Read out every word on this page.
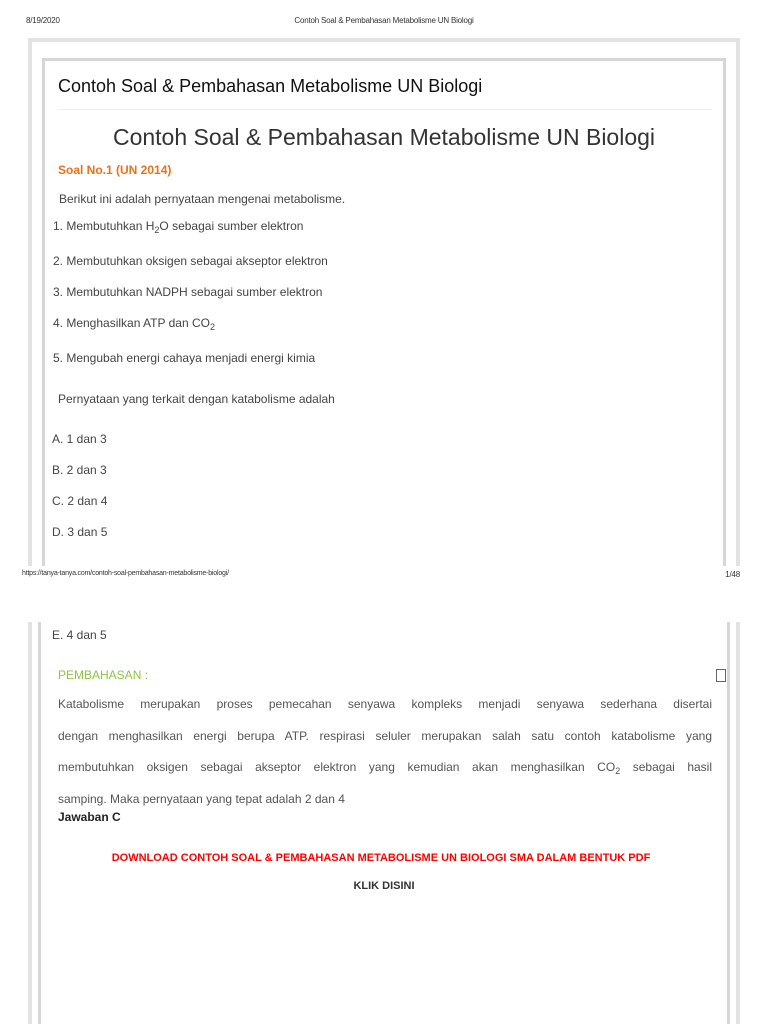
8/19/2020	Contoh Soal & Pembahasan Metabolisme UN Biologi
https://tanya-tanya.com/contoh-soal-pembahasan-metabolisme-biologi/	1/48
Contoh Soal & Pembahasan Metabolisme UN Biologi
Contoh Soal & Pembahasan Metabolisme UN Biologi
Soal No.1 (UN 2014)
Berikut ini adalah pernyataan mengenai metabolisme.
1. Membutuhkan $H_2O$ sebagai sumber elektron
2. Membutuhkan oksigen sebagai akseptor elektron
3. Membutuhkan NADPH sebagai sumber elektron
4. Menghasilkan ATP dan $CO_2$
5. Mengubah energi cahaya menjadi energi kimia
Pernyataan yang terkait dengan katabolisme adalah
A. 1 dan 3
B. 2 dan 3
C. 2 dan 4
D. 3 dan 5
E. 4 dan 5
PEMBAHASAN :
Katabolisme merupakan proses pemecahan senyawa kompleks menjadi senyawa sederhana disertai
dengan menghasilkan energi berupa ATP. respirasi seluler merupakan salah satu contoh katabolisme yang
membutuhkan oksigen sebagai akseptor elektron yang kemudian akan menghasilkan $CO_2$ sebagai hasil
samping. Maka pernyataan yang tepat adalah 2 dan 4
Jawaban C
DOWNLOAD CONTOH SOAL & PEMBAHASAN METABOLISME UN BIOLOGI SMA DALAM BENTUK PDF
KLIK DISINI
